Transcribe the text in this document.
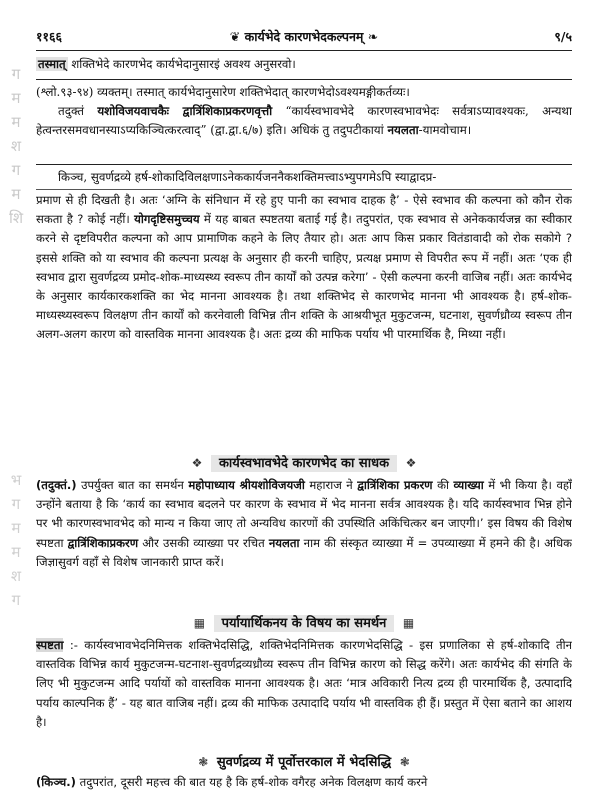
ग
म
म
श
ग
म
शि
भ
ग
म
म
श
ग
११६६	❦ कार्यभेदे कारणभेदकल्पनम् ❧	९/५
तस्मात् शक्तिभेदे कारणभेद कार्यभेदानुसारइं अवश्य अनुसरवो।
(श्लो.९३-९४) व्यक्तम्। तस्मात् कार्यभेदानुसारेण शक्तिभेदात् कारणभेदोऽवश्यमङ्गीकर्तव्यः।
तदुक्तं यशोविजयवाचकैः द्वात्रिंशिकाप्रकरणवृत्तौ “कार्यस्वभावभेदे कारणस्वभावभेदः सर्वत्राऽप्यावश्यकः, अन्यथा हेत्वन्तरसमवधानस्याऽप्यकिञ्चित्करत्वाद्” (द्वा.द्वा.६/७) इति। अधिकं तु तदुपटीकायां नयलता-यामवोचाम।
किञ्च, सुवर्णद्रव्ये हर्ष-शोकादिविलक्षणाऽनेककार्यजननैकशक्तिमत्त्वाऽभ्युपगमेऽपि स्याद्वादप्र-
प्रमाण से ही दिखती है। अतः ‘अग्नि के संनिधान में रहे हुए पानी का स्वभाव दाहक है’ - ऐसे स्वभाव की कल्पना को कौन रोक सकता है ? कोई नहीं। योगदृष्टिसमुच्चय में यह बाबत स्पष्टतया बताई गई है। तदुपरांत, एक स्वभाव से अनेककार्यजन्न का स्वीकार करने से दृष्टविपरीत कल्पना को आप प्रामाणिक कहने के लिए तैयार हो। अतः आप किस प्रकार वितंडावादी को रोक सकोगे ? इससे शक्ति को या स्वभाव की कल्पना प्रत्यक्ष के अनुसार ही करनी चाहिए, प्रत्यक्ष प्रमाण से विपरीत रूप में नहीं। अतः ‘एक ही स्वभाव द्वारा सुवर्णद्रव्य प्रमोद-शोक-माध्यस्थ्य स्वरूप तीन कार्यों को उत्पन्न करेगा’ - ऐसी कल्पना करनी वाजिब नहीं। अतः कार्यभेद के अनुसार कार्यकारकशक्ति का भेद मानना आवश्यक है। तथा शक्तिभेद से कारणभेद मानना भी आवश्यक है। हर्ष-शोक-माध्यस्थ्यस्वरूप विलक्षण तीन कार्यों को करनेवाली विभिन्न तीन शक्ति के आश्रयीभूत मुकुटजन्म, घटनाश, सुवर्णध्रौव्य स्वरूप तीन अलग-अलग कारण को वास्तविक मानना आवश्यक है। अतः द्रव्य की माफिक पर्याय भी पारमार्थिक है, मिथ्या नहीं।
❖ कार्यस्वभावभेदे कारणभेद का साधक ❖
(तदुक्तं.) उपर्युक्त बात का समर्थन महोपाध्याय श्रीयशोविजयजी महाराज ने द्वात्रिंशिका प्रकरण की व्याख्या में भी किया है। वहाँ उन्होंने बताया है कि ‘कार्य का स्वभाव बदलने पर कारण के स्वभाव में भेद मानना सर्वत्र आवश्यक है। यदि कार्यस्वभाव भिन्न होने पर भी कारणस्वभावभेद को मान्य न किया जाए तो अन्यविध कारणों की उपस्थिति अकिंचित्कर बन जाएगी।’ इस विषय की विशेष स्पष्टता द्वात्रिंशिकाप्रकरण और उसकी व्याख्या पर रचित नयलता नाम की संस्कृत व्याख्या में = उपव्याख्या में हमने की है। अधिक जिज्ञासुवर्ग वहाँ से विशेष जानकारी प्राप्त करें।
▦ पर्यायार्थिकनय के विषय का समर्थन ▦
स्पष्टता :- कार्यस्वभावभेदनिमित्तक शक्तिभेदसिद्धि, शक्तिभेदनिमित्तक कारणभेदसिद्धि - इस प्रणालिका से हर्ष-शोकादि तीन वास्तविक विभिन्न कार्य मुकुटजन्म-घटनाश-सुवर्णद्रव्यध्रौव्य स्वरूप तीन विभिन्न कारण को सिद्ध करेंगे। अतः कार्यभेद की संगति के लिए भी मुकुटजन्म आदि पर्यायों को वास्तविक मानना आवश्यक है। अतः ‘मात्र अविकारी नित्य द्रव्य ही पारमार्थिक है, उत्पादादि पर्याय काल्पनिक हैं’ - यह बात वाजिब नहीं। द्रव्य की माफिक उत्पादादि पर्याय भी वास्तविक ही हैं। प्रस्तुत में ऐसा बताने का आशय है।
❃ सुवर्णद्रव्य में पूर्वोत्तरकाल में भेदसिद्धि ❃
(किञ्च.) तदुपरांत, दूसरी महत्त्व की बात यह है कि हर्ष-शोक वगैरह अनेक विलक्षण कार्य करने
